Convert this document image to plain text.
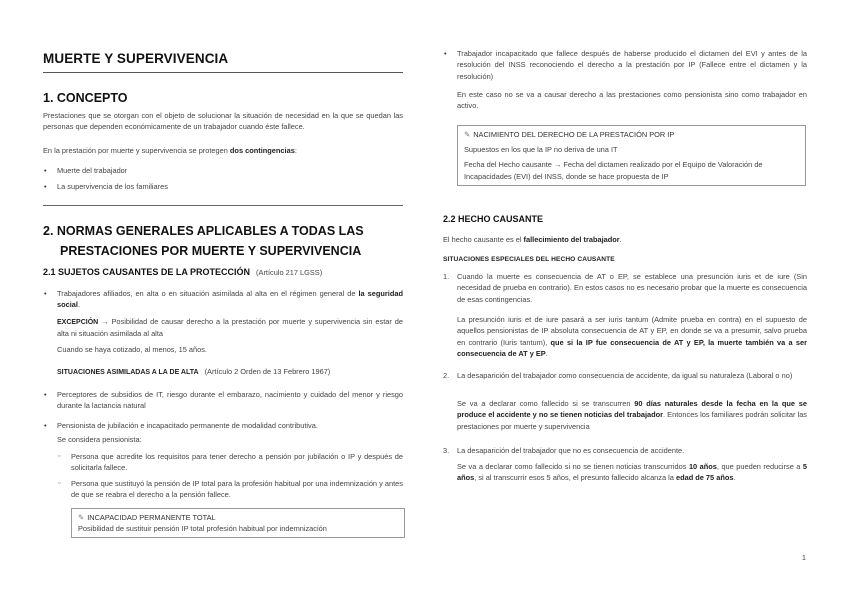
MUERTE Y SUPERVIVENCIA
1. CONCEPTO
Prestaciones que se otorgan con el objeto de solucionar la situación de necesidad en la que se quedan las personas que dependen económicamente de un trabajador cuando éste fallece.
En la prestación por muerte y supervivencia se protegen dos contingencias:
• Muerte del trabajador
• La supervivencia de los familiares
2. NORMAS GENERALES APLICABLES A TODAS LAS
PRESTACIONES POR MUERTE Y SUPERVIVENCIA
2.1 SUJETOS CAUSANTES DE LA PROTECCIÓN (Artículo 217 LGSS)
• Trabajadores afiliados, en alta o en situación asimilada al alta en el régimen general de la seguridad social.
EXCEPCIÓN → Posibilidad de causar derecho a la prestación por muerte y supervivencia sin estar de alta ni situación asimilada al alta
Cuando se haya cotizado, al menos, 15 años.
SITUACIONES ASIMILADAS A LA DE ALTA (Artículo 2 Orden de 13 Febrero 1967)
• Perceptores de subsidios de IT, riesgo durante el embarazo, nacimiento y cuidado del menor y riesgo durante la lactancia natural
• Pensionista de jubilación e incapacitado permanente de modalidad contributiva.
Se considera pensionista:
▫ Persona que acredite los requisitos para tener derecho a pensión por jubilación o IP y después de solicitarla fallece.
▫ Persona que sustituyó la pensión de IP total para la profesión habitual por una indemnización y antes de que se reabra el derecho a la pensión fallece.
✎ INCAPACIDAD PERMANENTE TOTAL
Posibilidad de sustituir pensión IP total profesión habitual por indemnización
• Trabajador incapacitado que fallece después de haberse producido el dictamen del EVI y antes de la resolución del INSS reconociendo el derecho a la prestación por IP (Fallece entre el dictamen y la resolución)
En este caso no se va a causar derecho a las prestaciones como pensionista sino como trabajador en activo.
✎ NACIMIENTO DEL DERECHO DE LA PRESTACIÓN POR IP
Supuestos en los que la IP no deriva de una IT
Fecha del Hecho causante → Fecha del dictamen realizado por el Equipo de Valoración de Incapacidades (EVI) del INSS, donde se hace propuesta de IP
2.2 HECHO CAUSANTE
El hecho causante es el fallecimiento del trabajador.
SITUACIONES ESPECIALES DEL HECHO CAUSANTE
1. Cuando la muerte es consecuencia de AT o EP, se establece una presunción iuris et de iure (Sin necesidad de prueba en contrario). En estos casos no es necesario probar que la muerte es consecuencia de esas contingencias.
La presunción iuris et de iure pasará a ser iuris tantum (Admite prueba en contra) en el supuesto de aquellos pensionistas de IP absoluta consecuencia de AT y EP, en donde se va a presumir, salvo prueba en contrario (Iuris tantum), que si la IP fue consecuencia de AT y EP, la muerte también va a ser consecuencia de AT y EP.
2. La desaparición del trabajador como consecuencia de accidente, da igual su naturaleza (Laboral o no)
Se va a declarar como fallecido si se transcurren 90 días naturales desde la fecha en la que se produce el accidente y no se tienen noticias del trabajador. Entonces los familiares podrán solicitar las prestaciones por muerte y supervivencia
3. La desaparición del trabajador que no es consecuencia de accidente.
Se va a declarar como fallecido si no se tienen noticias transcurridos 10 años, que pueden reducirse a 5 años, si al transcurrir esos 5 años, el presunto fallecido alcanza la edad de 75 años.
1
